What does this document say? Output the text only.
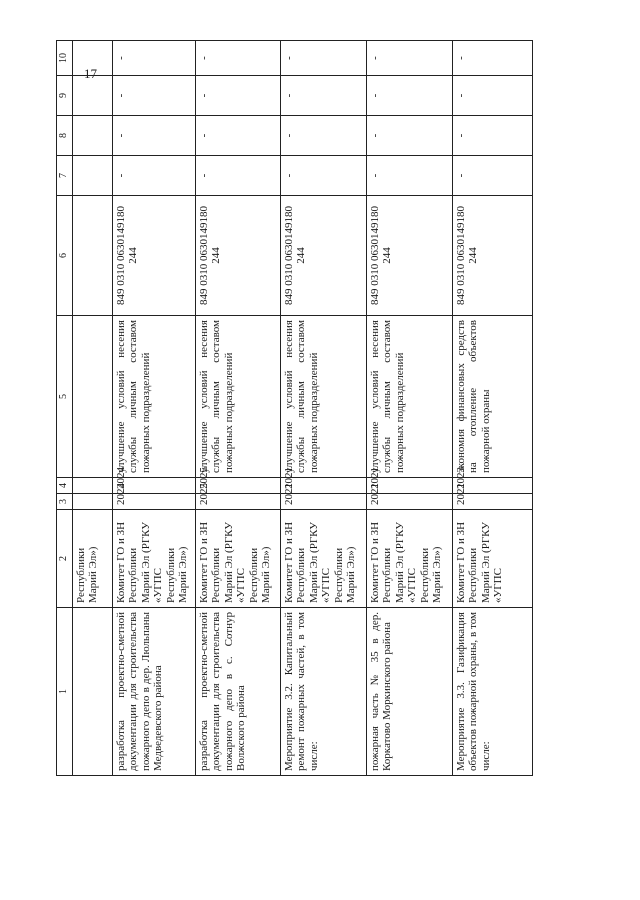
17
1	2	3	4	5	6	7	8	9	10
	Республики Марий Эл»)								
разработка проектно-сметной документации для строительства пожарного депо в дер. Люльпаны Медведевского района	Комитет ГО и ЗН Республики Марий Эл (РГКУ «УГПС Республики Марий Эл»)	2024	2024	улучшение условий несения службы личным составом пожарных подразделений	849 0310 0630149180 244	-	-	-	-
разработка проектно-сметной документации для строительства пожарного депо в с. Сотнур Волжского района	Комитет ГО и ЗН Республики Марий Эл (РГКУ «УГПС Республики Марий Эл»)	2025	2025	улучшение условий несения службы личным составом пожарных подразделений	849 0310 0630149180 244	-	-	-	-
Мероприятие 3.2. Капитальный ремонт пожарных частей, в том числе:	Комитет ГО и ЗН Республики Марий Эл (РГКУ «УГПС Республики Марий Эл»)	2021	2021	улучшение условий несения службы личным составом пожарных подразделений	849 0310 0630149180 244	-	-	-	-
пожарная часть № 35 в дер. Коркатово Моркинского района	Комитет ГО и ЗН Республики Марий Эл (РГКУ «УГПС Республики Марий Эл»)	2021	2021	улучшение условий несения службы личным составом пожарных подразделений	849 0310 0630149180 244	-	-	-	-
Мероприятие 3.3. Газификация объектов пожарной охраны, в том числе:	Комитет ГО и ЗН Республики Марий Эл (РГКУ «УГПС	2021	2023	экономия финансовых средств на отопление объектов пожарной охраны	849 0310 0630149180 244	-	-	-	-
